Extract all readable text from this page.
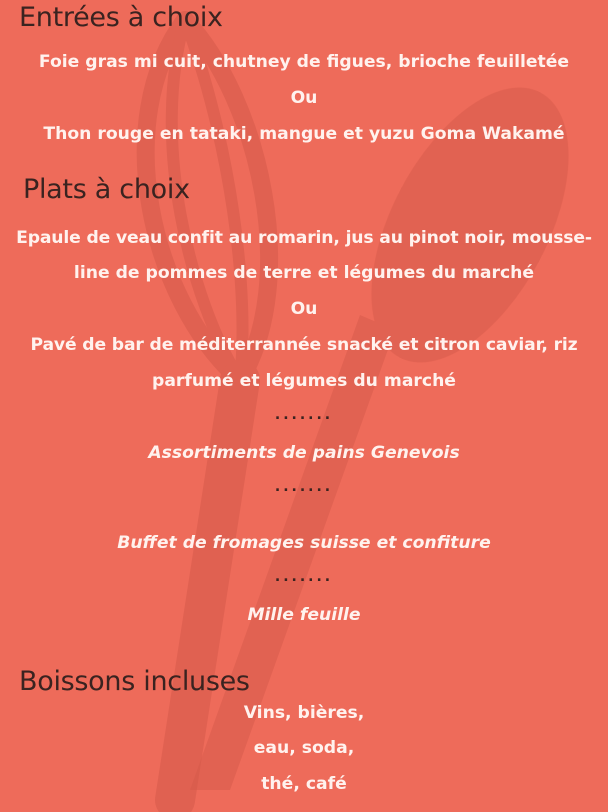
Entrées à choix
Foie gras mi cuit, chutney de figues, brioche feuilletée
Ou
Thon rouge en tataki, mangue et yuzu Goma Wakamé
Plats à choix
Epaule de veau confit au romarin, jus au pinot noir, mousse-
line de pommes de terre et légumes du marché
Ou
Pavé de bar de méditerrannée snacké et citron caviar, riz
parfumé et légumes du marché
.......
Assortiments de pains Genevois
.......
Buffet de fromages suisse et confiture
.......
Mille feuille
Boissons incluses
Vins, bières,
eau, soda,
thé, café
